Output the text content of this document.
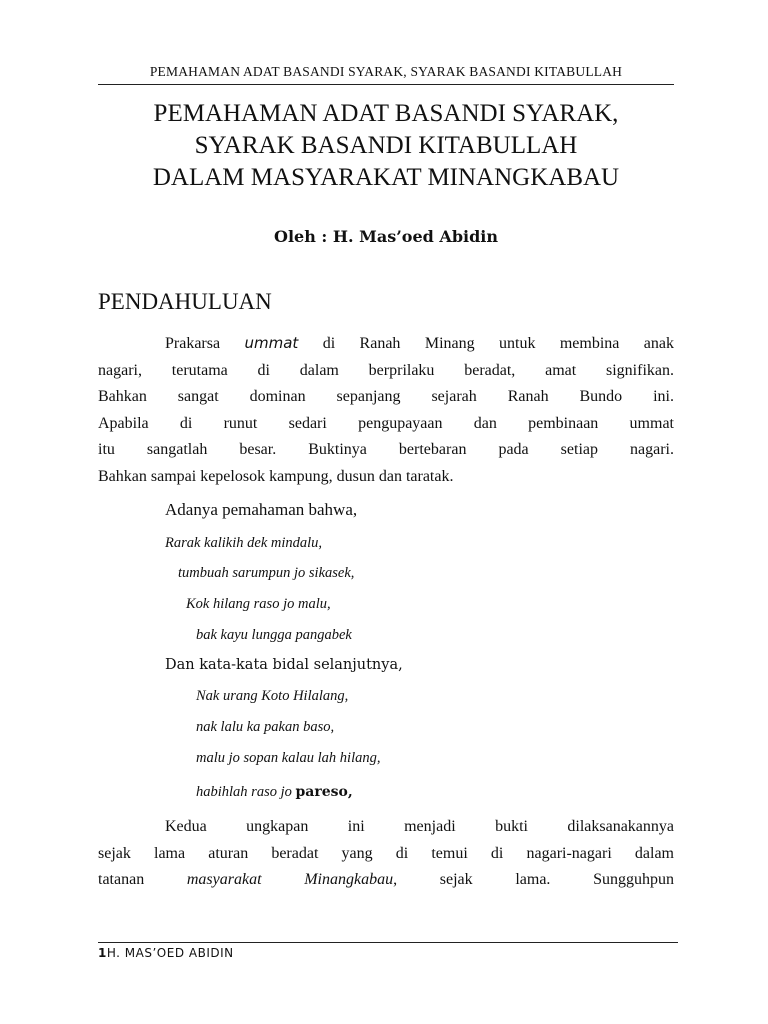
PEMAHAMAN ADAT BASANDI SYARAK, SYARAK BASANDI KITABULLAH
PEMAHAMAN ADAT BASANDI SYARAK,
SYARAK BASANDI KITABULLAH
DALAM MASYARAKAT MINANGKABAU
Oleh : H. Mas’oed Abidin
PENDAHULUAN
Prakarsa ummat di Ranah Minang untuk membina anak
nagari, terutama di dalam berprilaku beradat, amat signifikan.
Bahkan sangat dominan sepanjang sejarah Ranah Bundo ini.
Apabila di runut sedari pengupayaan dan pembinaan ummat
itu sangatlah besar. Buktinya bertebaran pada setiap nagari.
Bahkan sampai kepelosok kampung, dusun dan taratak.
Adanya pemahaman bahwa,
Rarak kalikih dek mindalu,
tumbuah sarumpun jo sikasek,
Kok hilang raso jo malu,
bak kayu lungga pangabek
Dan kata-kata bidal selanjutnya,
Nak urang Koto Hilalang,
nak lalu ka pakan baso,
malu jo sopan kalau lah hilang,
habihlah raso jo pareso,
Kedua ungkapan ini menjadi bukti dilaksanakannya
sejak lama aturan beradat yang di temui di nagari-nagari dalam
tatanan masyarakat Minangkabau, sejak lama. Sungguhpun
1H. MAS’OED ABIDIN
